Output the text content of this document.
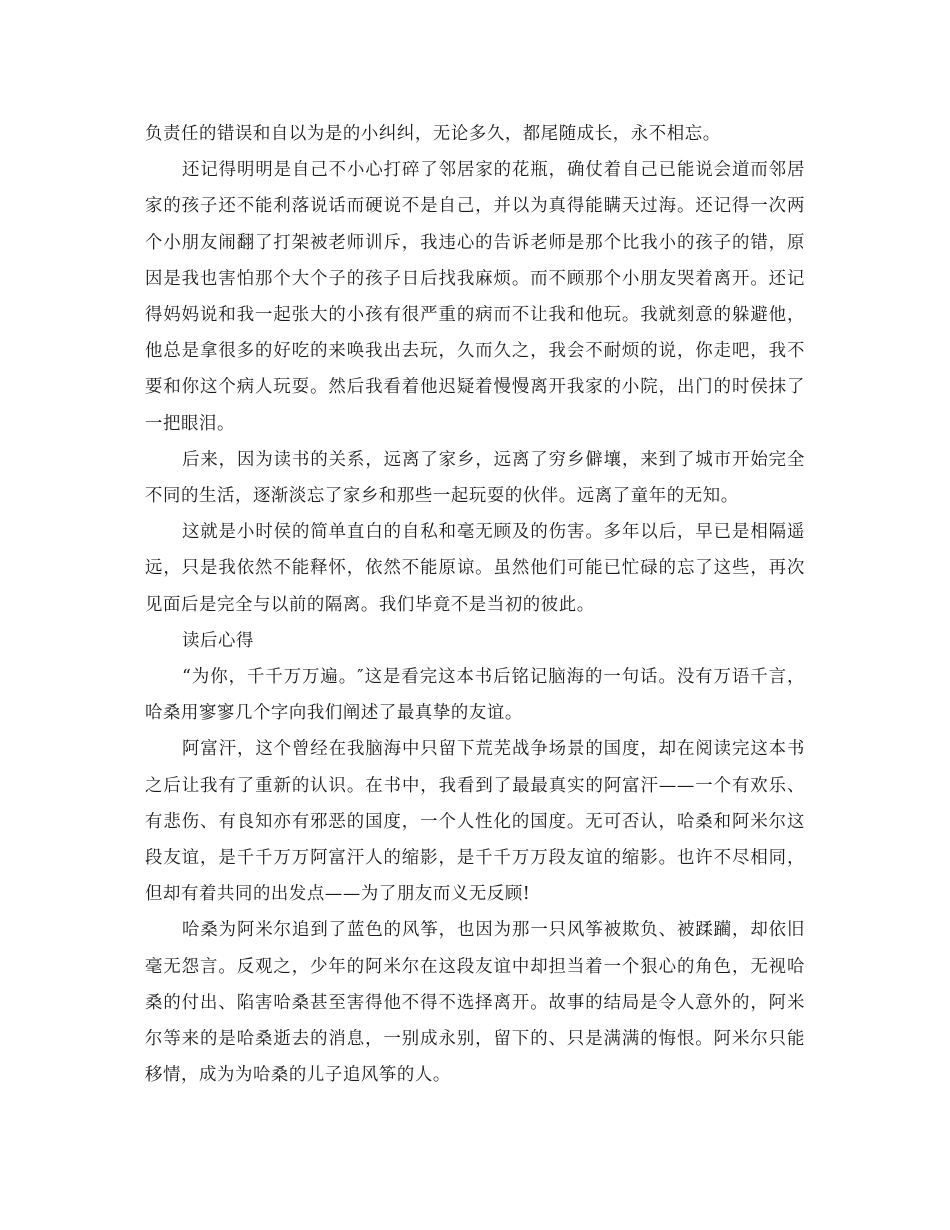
负责任的错误和自以为是的小纠纠，无论多久，都尾随成长，永不相忘。

还记得明明是自己不小心打碎了邻居家的花瓶，确仗着自己已能说会道而邻居家的孩子还不能利落说话而硬说不是自己，并以为真得能瞒天过海。还记得一次两个小朋友闹翻了打架被老师训斥，我违心的告诉老师是那个比我小的孩子的错，原因是我也害怕那个大个子的孩子日后找我麻烦。而不顾那个小朋友哭着离开。还记得妈妈说和我一起张大的小孩有很严重的病而不让我和他玩。我就刻意的躲避他，他总是拿很多的好吃的来唤我出去玩，久而久之，我会不耐烦的说，你走吧，我不要和你这个病人玩耍。然后我看着他迟疑着慢慢离开我家的小院，出门的时侯抹了一把眼泪。

后来，因为读书的关系，远离了家乡，远离了穷乡僻壤，来到了城市开始完全不同的生活，逐渐淡忘了家乡和那些一起玩耍的伙伴。远离了童年的无知。

这就是小时侯的简单直白的自私和毫无顾及的伤害。多年以后，早已是相隔遥远，只是我依然不能释怀，依然不能原谅。虽然他们可能已忙碌的忘了这些，再次见面后是完全与以前的隔离。我们毕竟不是当初的彼此。

读后心得

“为你，千千万万遍。″这是看完这本书后铭记脑海的一句话。没有万语千言，哈桑用寥寥几个字向我们阐述了最真挚的友谊。

阿富汗，这个曾经在我脑海中只留下荒芜战争场景的国度，却在阅读完这本书之后让我有了重新的认识。在书中，我看到了最最真实的阿富汗——一个有欢乐、有悲伤、有良知亦有邪恶的国度，一个人性化的国度。无可否认，哈桑和阿米尔这段友谊，是千千万万阿富汗人的缩影，是千千万万段友谊的缩影。也许不尽相同，但却有着共同的出发点——为了朋友而义无反顾!

哈桑为阿米尔追到了蓝色的风筝，也因为那一只风筝被欺负、被蹂躏，却依旧毫无怨言。反观之，少年的阿米尔在这段友谊中却担当着一个狠心的角色，无视哈桑的付出、陷害哈桑甚至害得他不得不选择离开。故事的结局是令人意外的，阿米尔等来的是哈桑逝去的消息，一别成永别，留下的、只是满满的悔恨。阿米尔只能移情，成为为哈桑的儿子追风筝的人。
